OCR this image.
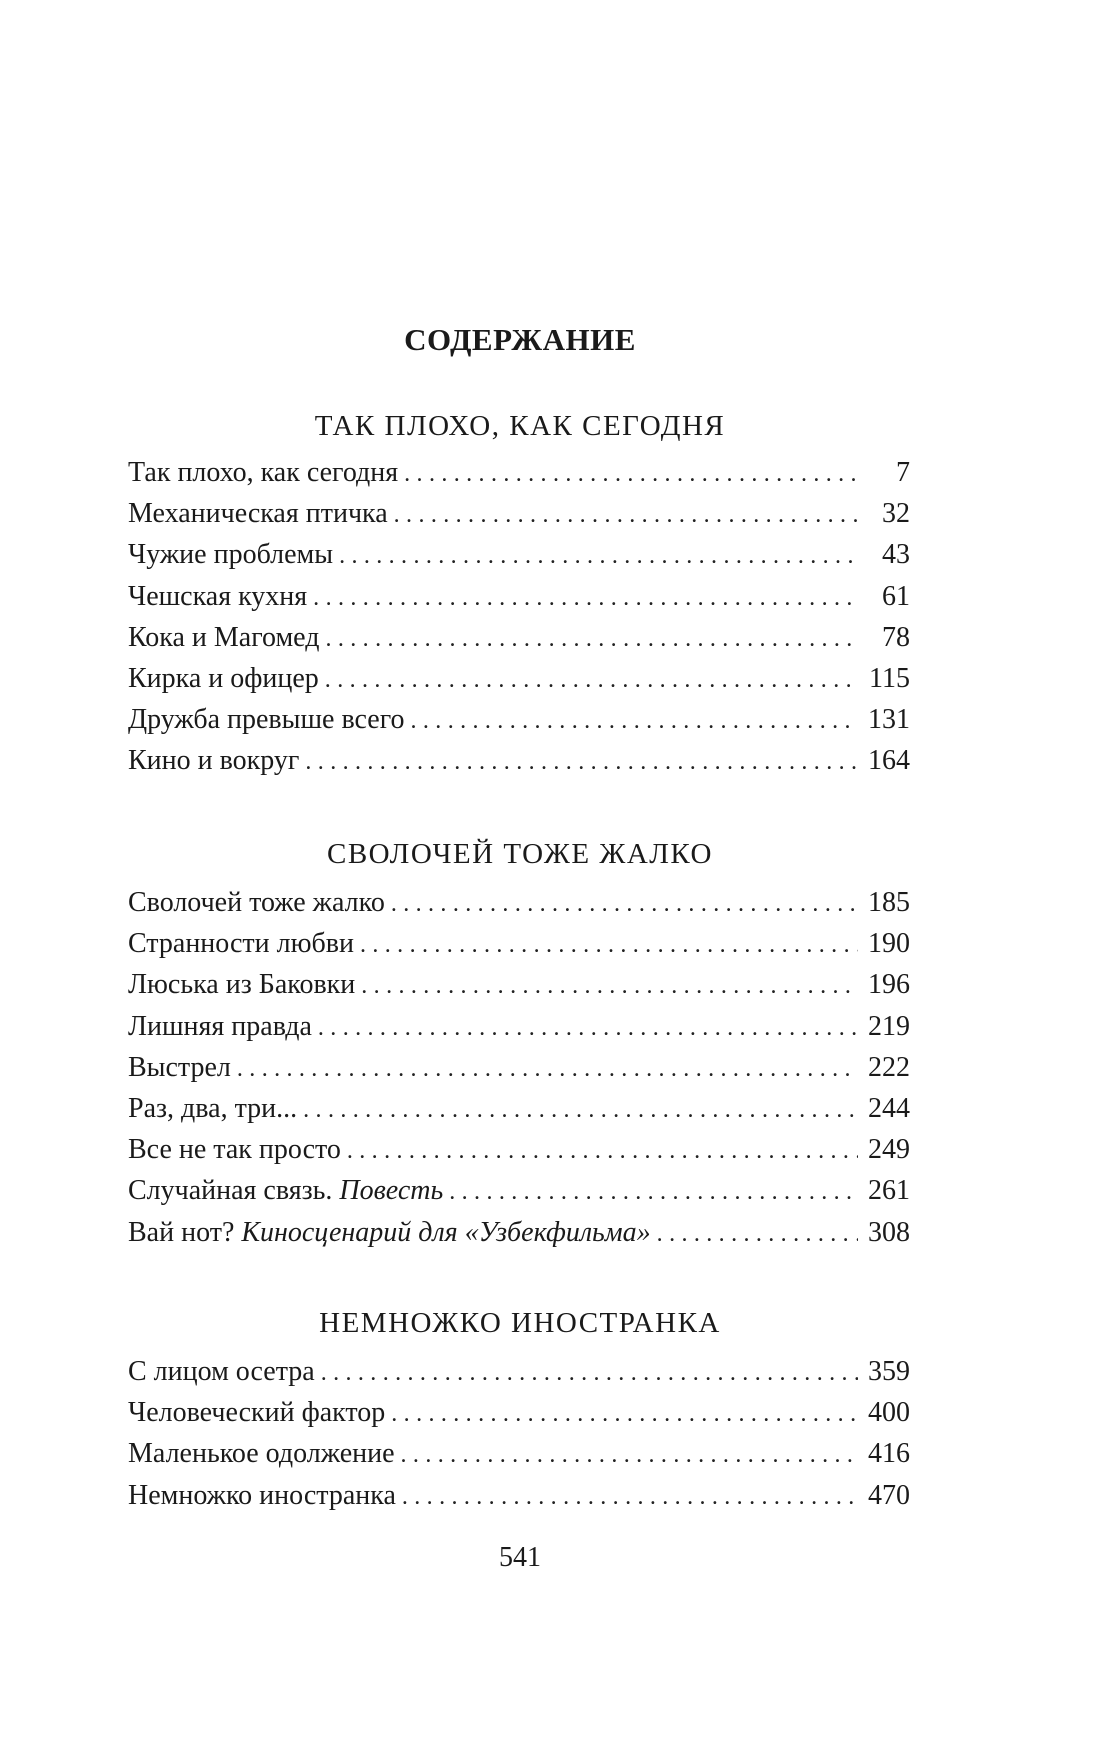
СОДЕРЖАНИЕ
ТАК ПЛОХО, КАК СЕГОДНЯ
Так плохо, как сегодня . . .	7
Механическая птичка . . .	32
Чужие проблемы . . .	43
Чешская кухня . . .	61
Кока и Магомед . . .	78
Кирка и офицер . . .	115
Дружба превыше всего . . .	131
Кино и вокруг . . .	164
СВОЛОЧЕЙ ТОЖЕ ЖАЛКО
Сволочей тоже жалко . . .	185
Странности любви . . .	190
Люська из Баковки . . .	196
Лишняя правда . . .	219
Выстрел . . .	222
Раз, два, три... . . .	244
Все не так просто . . .	249
Случайная связь. Повесть . . .	261
Вай нот? Киносценарий для «Узбекфильма» . . .	308
НЕМНОЖКО ИНОСТРАНКА
С лицом осетра . . .	359
Человеческий фактор . . .	400
Маленькое одолжение . . .	416
Немножко иностранка . . .	470
541
